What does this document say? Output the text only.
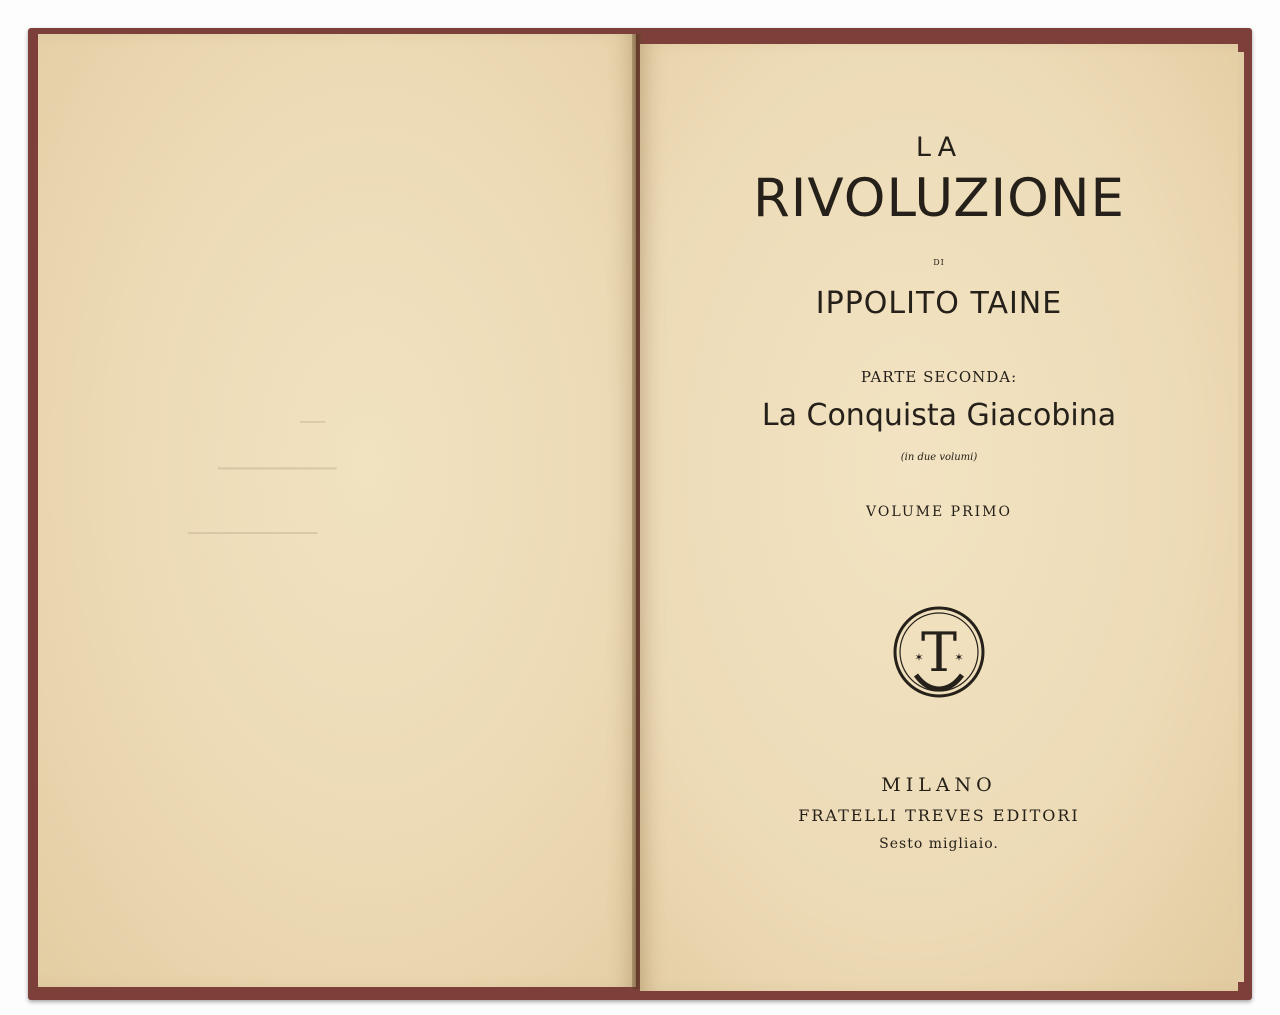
▁▁▁
▁▁▁▁▁▁▁▁▁▁▁
▁▁▁▁▁▁▁▁▁▁▁▁▁▁
LA
RIVOLUZIONE
DI
IPPOLITO TAINE
PARTE SECONDA:
La Conquista Giacobina
(in due volumi)
VOLUME PRIMO
T
✶	✶
MILANO
FRATELLI TREVES EDITORI
Sesto migliaio.
